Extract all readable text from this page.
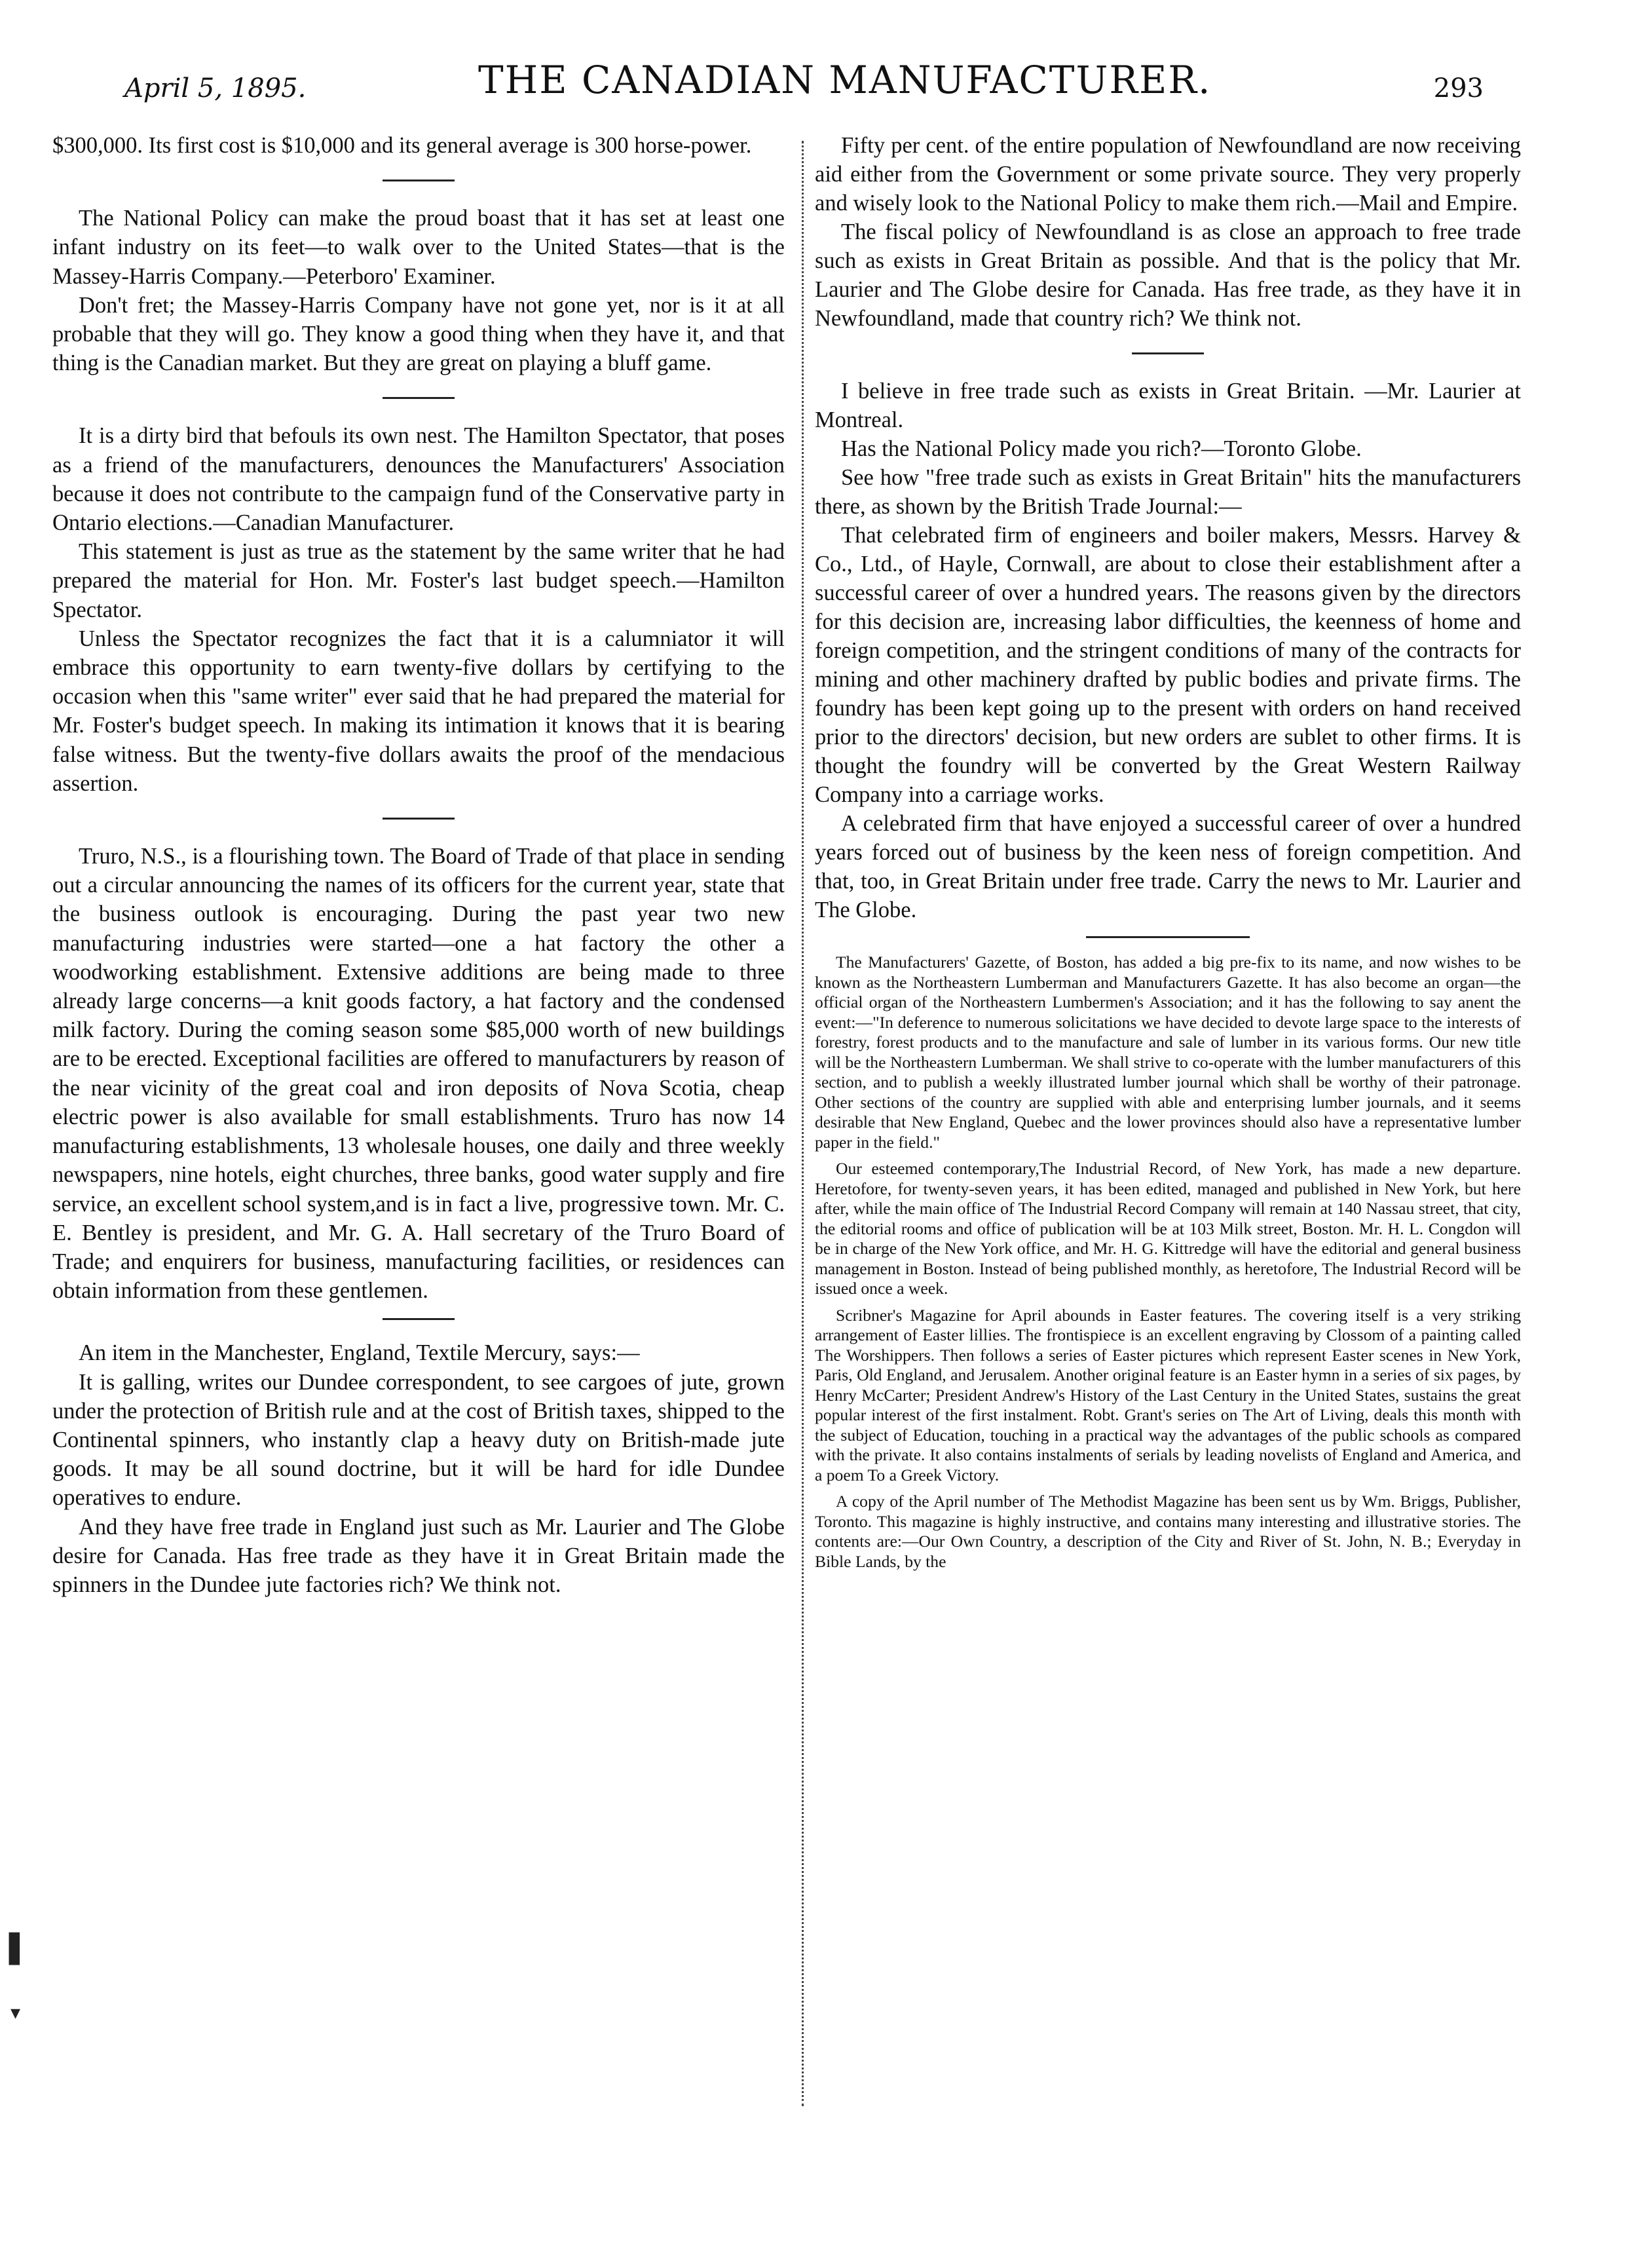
April 5, 1895.	THE CANADIAN MANUFACTURER.	293

$300,000. Its first cost is $10,000 and its general average is 300 horse-power.

The National Policy can make the proud boast that it has set at least one infant industry on its feet—to walk over to the United States—that is the Massey-Harris Company.—Peterboro' Examiner.

Don't fret; the Massey-Harris Company have not gone yet, nor is it at all probable that they will go. They know a good thing when they have it, and that thing is the Canadian market. But they are great on playing a bluff game.

It is a dirty bird that befouls its own nest. The Hamilton Spectator, that poses as a friend of the manufacturers, denounces the Manufacturers' Association because it does not contribute to the campaign fund of the Conservative party in Ontario elections.—Canadian Manufacturer.

This statement is just as true as the statement by the same writer that he had prepared the material for Hon. Mr. Foster's last budget speech.—Hamilton Spectator.

Unless the Spectator recognizes the fact that it is a calumniator it will embrace this opportunity to earn twenty-five dollars by certifying to the occasion when this "same writer" ever said that he had prepared the material for Mr. Foster's budget speech. In making its intimation it knows that it is bearing false witness. But the twenty-five dollars awaits the proof of the mendacious assertion.

Truro, N.S., is a flourishing town. The Board of Trade of that place in sending out a circular announcing the names of its officers for the current year, state that the business outlook is encouraging. During the past year two new manufacturing industries were started—one a hat factory the other a woodworking establishment. Extensive additions are being made to three already large concerns—a knit goods factory, a hat factory and the condensed milk factory. During the coming season some $85,000 worth of new buildings are to be erected. Exceptional facilities are offered to manufacturers by reason of the near vicinity of the great coal and iron deposits of Nova Scotia, cheap electric power is also available for small establishments. Truro has now 14 manufacturing establishments, 13 wholesale houses, one daily and three weekly newspapers, nine hotels, eight churches, three banks, good water supply and fire service, an excellent school system,and is in fact a live, progressive town. Mr. C. E. Bentley is president, and Mr. G. A. Hall secretary of the Truro Board of Trade; and enquirers for business, manufacturing facilities, or residences can obtain information from these gentlemen.

An item in the Manchester, England, Textile Mercury, says:—

It is galling, writes our Dundee correspondent, to see cargoes of jute, grown under the protection of British rule and at the cost of British taxes, shipped to the Continental spinners, who instantly clap a heavy duty on British-made jute goods. It may be all sound doctrine, but it will be hard for idle Dundee operatives to endure.

And they have free trade in England just such as Mr. Laurier and The Globe desire for Canada. Has free trade as they have it in Great Britain made the spinners in the Dundee jute factories rich? We think not.

Fifty per cent. of the entire population of Newfoundland are now receiving aid either from the Government or some private source. They very properly and wisely look to the National Policy to make them rich.—Mail and Empire.

The fiscal policy of Newfoundland is as close an approach to free trade such as exists in Great Britain as possible. And that is the policy that Mr. Laurier and The Globe desire for Canada. Has free trade, as they have it in Newfoundland, made that country rich? We think not.

I believe in free trade such as exists in Great Britain. —Mr. Laurier at Montreal.

Has the National Policy made you rich?—Toronto Globe.

See how "free trade such as exists in Great Britain" hits the manufacturers there, as shown by the British Trade Journal:—

That celebrated firm of engineers and boiler makers, Messrs. Harvey & Co., Ltd., of Hayle, Cornwall, are about to close their establishment after a successful career of over a hundred years. The reasons given by the directors for this decision are, increasing labor difficulties, the keenness of home and foreign competition, and the stringent conditions of many of the contracts for mining and other machinery drafted by public bodies and private firms. The foundry has been kept going up to the present with orders on hand received prior to the directors' decision, but new orders are sublet to other firms. It is thought the foundry will be converted by the Great Western Railway Company into a carriage works.

A celebrated firm that have enjoyed a successful career of over a hundred years forced out of business by the keen ness of foreign competition. And that, too, in Great Britain under free trade. Carry the news to Mr. Laurier and The Globe.

The Manufacturers' Gazette, of Boston, has added a big pre-fix to its name, and now wishes to be known as the Northeastern Lumberman and Manufacturers Gazette. It has also become an organ—the official organ of the Northeastern Lumbermen's Association; and it has the following to say anent the event:—"In deference to numerous solicitations we have decided to devote large space to the interests of forestry, forest products and to the manufacture and sale of lumber in its various forms. Our new title will be the Northeastern Lumberman. We shall strive to co-operate with the lumber manufacturers of this section, and to publish a weekly illustrated lumber journal which shall be worthy of their patronage. Other sections of the country are supplied with able and enterprising lumber journals, and it seems desirable that New England, Quebec and the lower provinces should also have a representative lumber paper in the field."

Our esteemed contemporary,The Industrial Record, of New York, has made a new departure. Heretofore, for twenty-seven years, it has been edited, managed and published in New York, but here after, while the main office of The Industrial Record Company will remain at 140 Nassau street, that city, the editorial rooms and office of publication will be at 103 Milk street, Boston. Mr. H. L. Congdon will be in charge of the New York office, and Mr. H. G. Kittredge will have the editorial and general business management in Boston. Instead of being published monthly, as heretofore, The Industrial Record will be issued once a week.

Scribner's Magazine for April abounds in Easter features. The covering itself is a very striking arrangement of Easter lillies. The frontispiece is an excellent engraving by Clossom of a painting called The Worshippers. Then follows a series of Easter pictures which represent Easter scenes in New York, Paris, Old England, and Jerusalem. Another original feature is an Easter hymn in a series of six pages, by Henry McCarter; President Andrew's History of the Last Century in the United States, sustains the great popular interest of the first instalment. Robt. Grant's series on The Art of Living, deals this month with the subject of Education, touching in a practical way the advantages of the public schools as compared with the private. It also contains instalments of serials by leading novelists of England and America, and a poem To a Greek Victory.

A copy of the April number of The Methodist Magazine has been sent us by Wm. Briggs, Publisher, Toronto. This magazine is highly instructive, and contains many interesting and illustrative stories. The contents are:—Our Own Country, a description of the City and River of St. John, N. B.; Everyday in Bible Lands, by the

▌
▾
